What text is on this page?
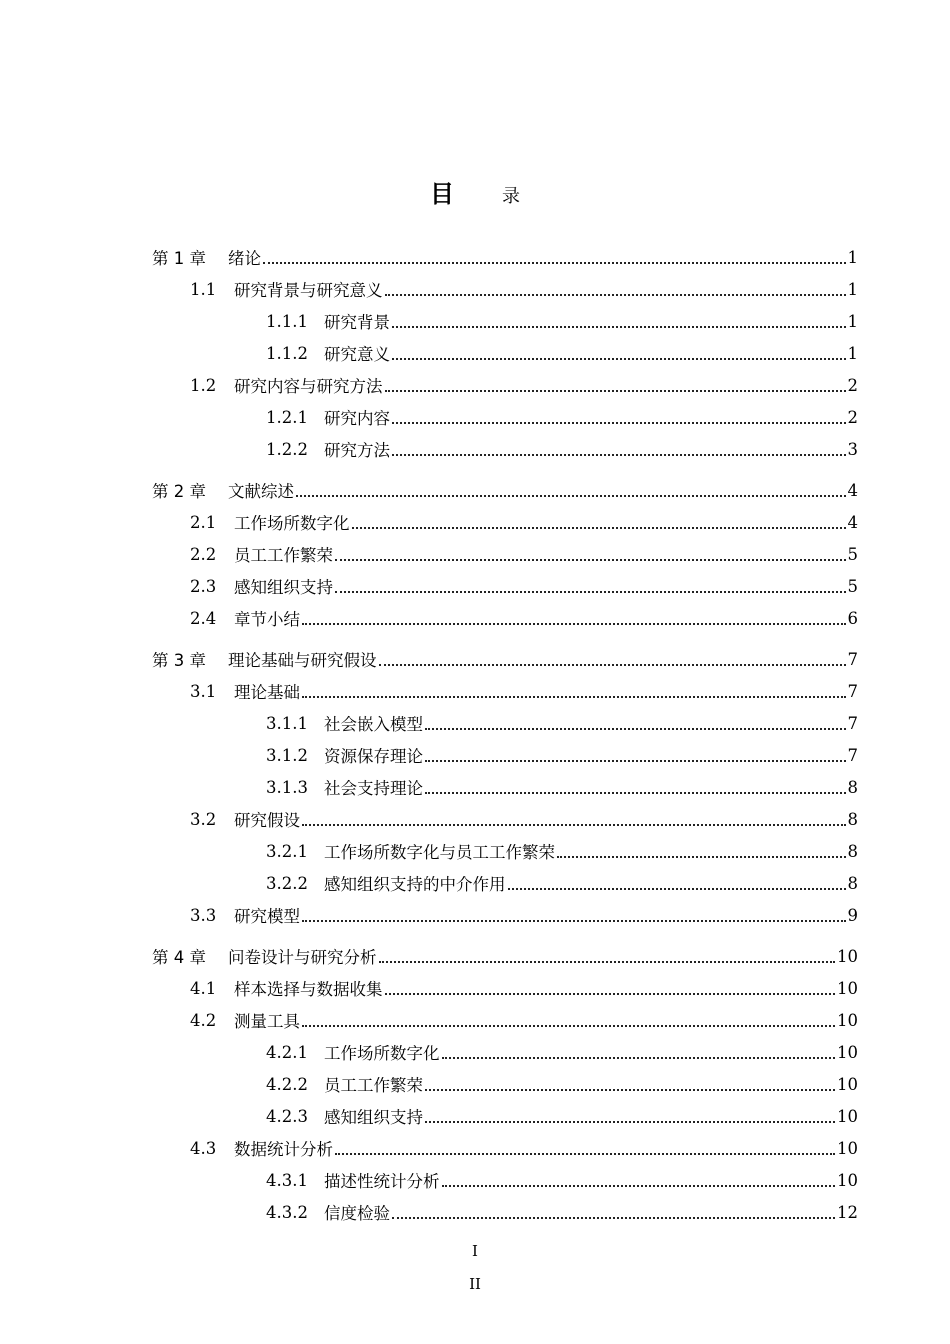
目	录
第 1 章	绪论	1
1.1	研究背景与研究意义	1
1.1.1 研究背景	1
1.1.2 研究意义	1
1.2	研究内容与研究方法	2
1.2.1 研究内容	2
1.2.2 研究方法	3
第 2 章	文献综述	4
2.1	工作场所数字化	4
2.2	员工工作繁荣	5
2.3	感知组织支持	5
2.4	章节小结	6
第 3 章	理论基础与研究假设	7
3.1	理论基础	7
3.1.1 社会嵌入模型	7
3.1.2 资源保存理论	7
3.1.3 社会支持理论	8
3.2	研究假设	8
3.2.1 工作场所数字化与员工工作繁荣	8
3.2.2 感知组织支持的中介作用	8
3.3	研究模型	9
第 4 章	问卷设计与研究分析	10
4.1	样本选择与数据收集	10
4.2	测量工具	10
4.2.1 工作场所数字化	10
4.2.2 员工工作繁荣	10
4.2.3 感知组织支持	10
4.3	数据统计分析	10
4.3.1 描述性统计分析	10
4.3.2 信度检验	12
I
II
